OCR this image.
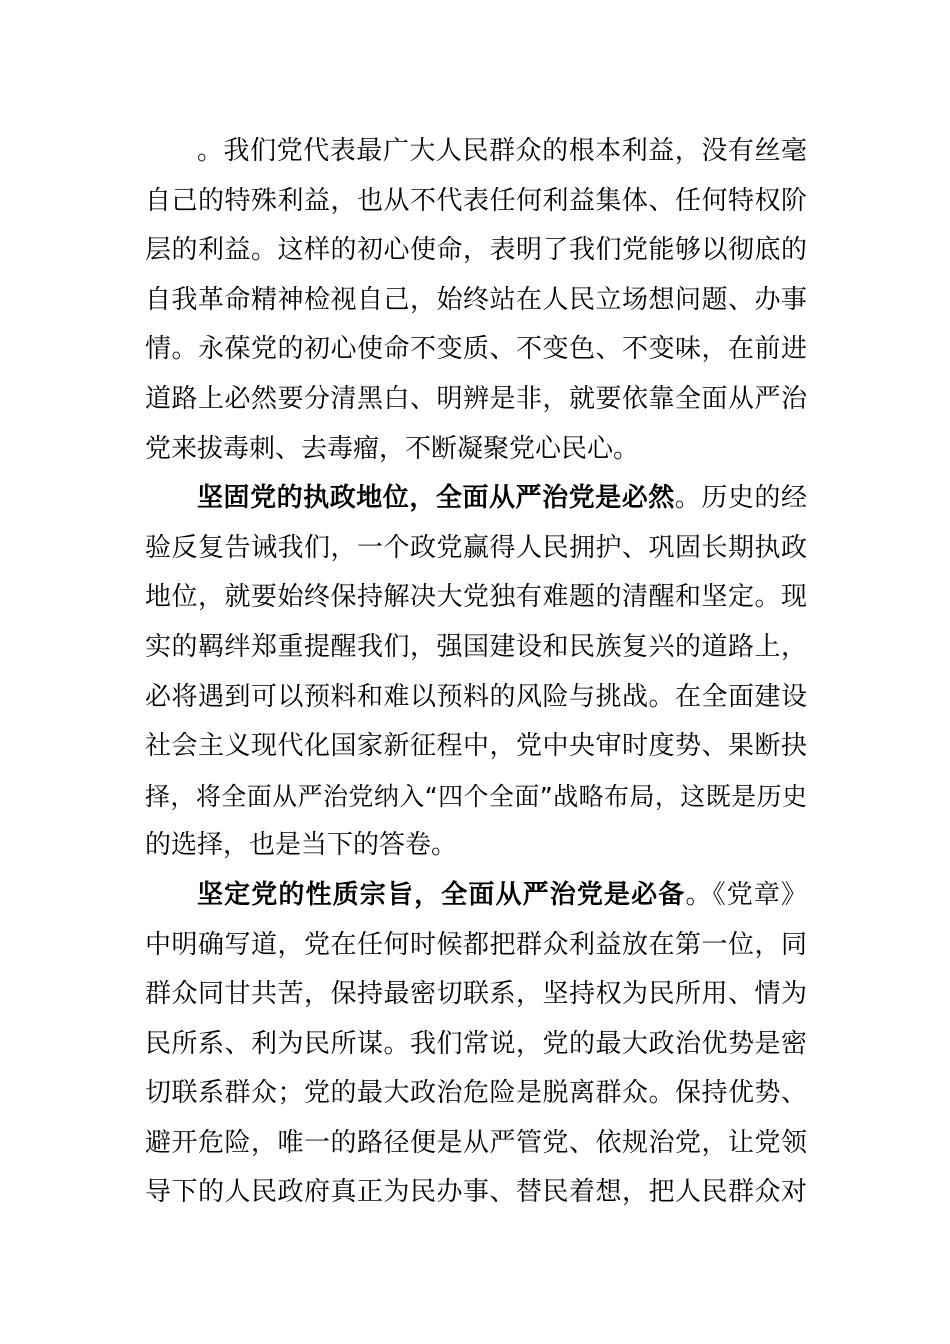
。我们党代表最广大人民群众的根本利益，没有丝毫
自己的特殊利益，也从不代表任何利益集体、任何特权阶
层的利益。这样的初心使命，表明了我们党能够以彻底的
自我革命精神检视自己，始终站在人民立场想问题、办事
情。永葆党的初心使命不变质、不变色、不变味，在前进
道路上必然要分清黑白、明辨是非，就要依靠全面从严治
党来拔毒刺、去毒瘤，不断凝聚党心民心。
坚固党的执政地位，全面从严治党是必然。历史的经
验反复告诫我们，一个政党赢得人民拥护、巩固长期执政
地位，就要始终保持解决大党独有难题的清醒和坚定。现
实的羁绊郑重提醒我们，强国建设和民族复兴的道路上，
必将遇到可以预料和难以预料的风险与挑战。在全面建设
社会主义现代化国家新征程中，党中央审时度势、果断抉
择，将全面从严治党纳入“四个全面”战略布局，这既是历史
的选择，也是当下的答卷。
坚定党的性质宗旨，全面从严治党是必备。《党章》
中明确写道，党在任何时候都把群众利益放在第一位，同
群众同甘共苦，保持最密切联系，坚持权为民所用、情为
民所系、利为民所谋。我们常说，党的最大政治优势是密
切联系群众；党的最大政治危险是脱离群众。保持优势、
避开危险，唯一的路径便是从严管党、依规治党，让党领
导下的人民政府真正为民办事、替民着想，把人民群众对
